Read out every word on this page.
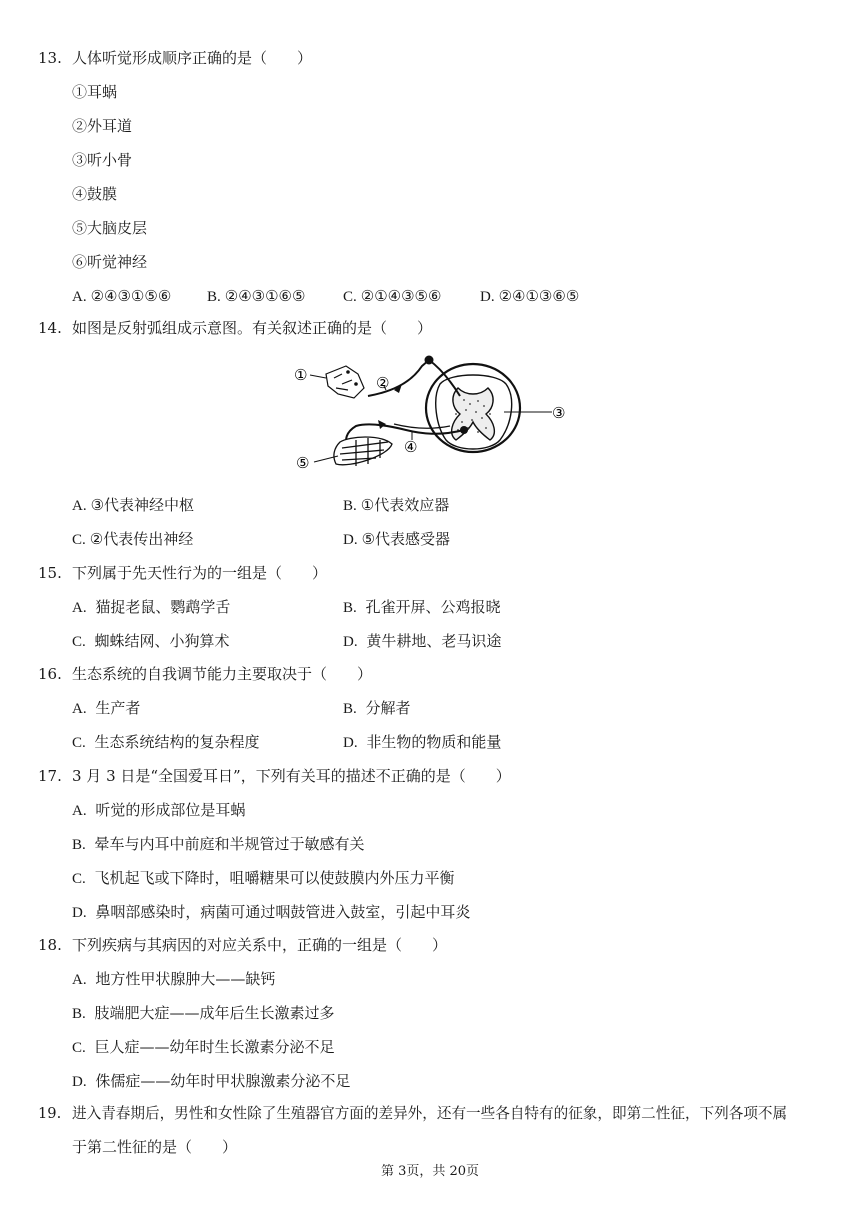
13. 人体听觉形成顺序正确的是（　　）
①耳蜗
②外耳道
③听小骨
④鼓膜
⑤大脑皮层
⑥听觉神经
A. ②④③①⑤⑥ B. ②④③①⑥⑤	C. ②①④③⑤⑥	D. ②④①③⑥⑤
14. 如图是反射弧组成示意图。有关叙述正确的是（　　）
①	②
③
④
⑤
A. ③代表神经中枢	B. ①代表效应器
C. ②代表传出神经	D. ⑤代表感受器
15. 下列属于先天性行为的一组是（　　）
A. 猫捉老鼠、鹦鹉学舌	B. 孔雀开屏、公鸡报晓
C. 蜘蛛结网、小狗算术	D. 黄牛耕地、老马识途
16. 生态系统的自我调节能力主要取决于（　　）
A. 生产者	B. 分解者
C. 生态系统结构的复杂程度	D. 非生物的物质和能量
17. 3 月 3 日是“全国爱耳日”，下列有关耳的描述不正确的是（　　）
A. 听觉的形成部位是耳蜗
B. 晕车与内耳中前庭和半规管过于敏感有关
C. 飞机起飞或下降时，咀嚼糖果可以使鼓膜内外压力平衡
D. 鼻咽部感染时，病菌可通过咽鼓管进入鼓室，引起中耳炎
18. 下列疾病与其病因的对应关系中，正确的一组是（　　）
A. 地方性甲状腺肿大——缺钙
B. 肢端肥大症——成年后生长激素过多
C. 巨人症——幼年时生长激素分泌不足
D. 侏儒症——幼年时甲状腺激素分泌不足
19. 进入青春期后，男性和女性除了生殖器官方面的差异外，还有一些各自特有的征象，即第二性征，下列各项不属
于第二性征的是（　　）
第 3页，共 20页
